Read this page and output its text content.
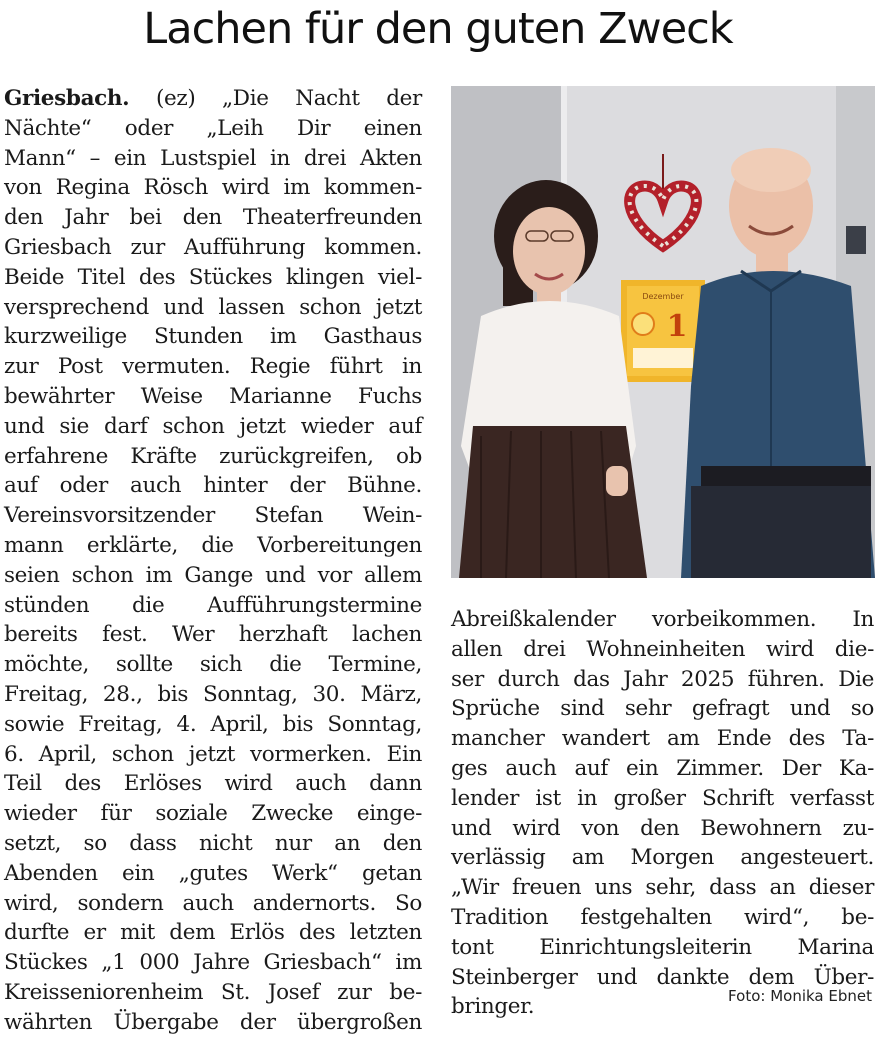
Lachen für den guten Zweck
Griesbach. (ez) „Die Nacht der
Nächte“ oder „Leih Dir einen
Mann“ – ein Lustspiel in drei Akten
von Regina Rösch wird im kommen-
den Jahr bei den Theaterfreunden
Griesbach zur Aufführung kommen.
Beide Titel des Stückes klingen viel-
versprechend und lassen schon jetzt
kurzweilige Stunden im Gasthaus
zur Post vermuten. Regie führt in
bewährter Weise Marianne Fuchs
und sie darf schon jetzt wieder auf
erfahrene Kräfte zurückgreifen, ob
auf oder auch hinter der Bühne.
Vereinsvorsitzender Stefan Wein-
mann erklärte, die Vorbereitungen
seien schon im Gange und vor allem
stünden die Aufführungstermine
bereits fest. Wer herzhaft lachen
möchte, sollte sich die Termine,
Freitag, 28., bis Sonntag, 30. März,
sowie Freitag, 4. April, bis Sonntag,
6. April, schon jetzt vormerken. Ein
Teil des Erlöses wird auch dann
wieder für soziale Zwecke einge-
setzt, so dass nicht nur an den
Abenden ein „gutes Werk“ getan
wird, sondern auch andernorts. So
durfte er mit dem Erlös des letzten
Stückes „1 000 Jahre Griesbach“ im
Kreisseniorenheim St. Josef zur be-
währten Übergabe der übergroßen
Dezember
1
Abreißkalender vorbeikommen. In
allen drei Wohneinheiten wird die-
ser durch das Jahr 2025 führen. Die
Sprüche sind sehr gefragt und so
mancher wandert am Ende des Ta-
ges auch auf ein Zimmer. Der Ka-
lender ist in großer Schrift verfasst
und wird von den Bewohnern zu-
verlässig am Morgen angesteuert.
„Wir freuen uns sehr, dass an dieser
Tradition festgehalten wird“, be-
tont Einrichtungsleiterin Marina
Steinberger und dankte dem Über-
bringer.	Foto: Monika Ebnet
